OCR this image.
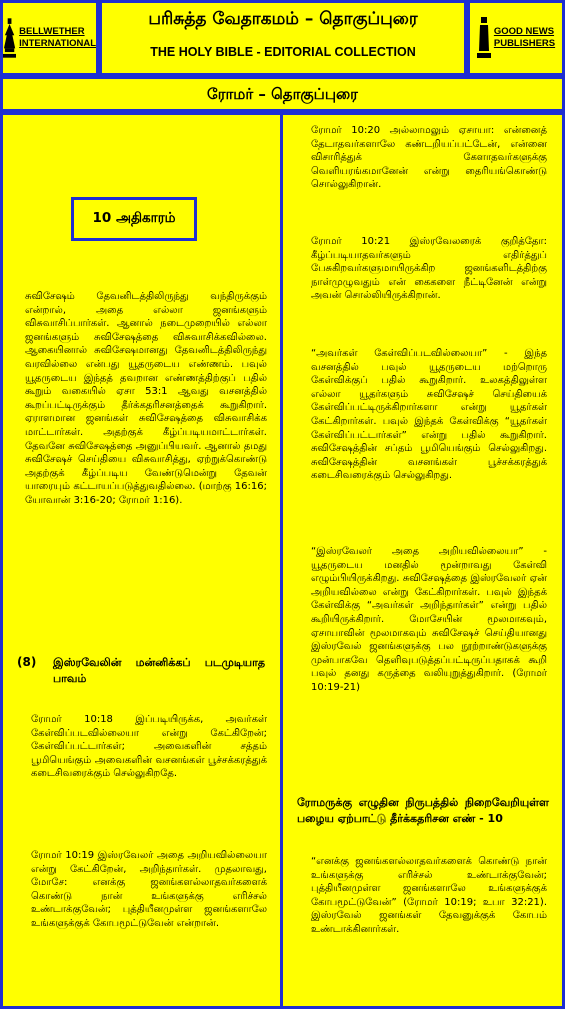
BELLWETHER
INTERNATIONAL
பரிசுத்த வேதாகமம் – தொகுப்புரை
THE HOLY BIBLE - EDITORIAL COLLECTION
GOOD NEWS
PUBLISHERS
ரோமர் – தொகுப்புரை
10 அதிகாரம்

சுவிசேஷம் தேவனிடத்திலிருந்து வந்திருக்கும் என்றால், அதை எல்லா ஜனங்களும் விசுவாசிப்பார்கள். ஆனால் நடைமுறையில் எல்லா ஜனங்களும் சுவிசேஷத்தை விசுவாசிக்கவில்லை. ஆகையினால் சுவிசேஷமானது தேவனிடத்திலிருந்து வரவில்லை என்பது யூதருடைய எண்ணம். பவுல் யூதருடைய இந்தத் தவறான எண்ணத்திற்குப் பதில் கூறும் வகையில் ஏசா 53:1 ஆவது வசனத்தில் கூறப்பட்டிருக்கும் தீர்க்கதரிசனத்தைக் கூறுகிறார். ஏராளமான ஜனங்கள் சுவிசேஷத்தை விசுவாசிக்க மாட்டார்கள். அதற்குக் கீழ்ப்படியமாட்டார்கள். தேவனே சுவிசேஷத்தை அனுப்பியவர். ஆனால் தமது சுவிசேஷச் செய்தியை விசுவாசித்து, ஏற்றுக்கொண்டு அதற்குக் கீழ்ப்படிய வேண்டுமென்று தேவன் யாரையும் கட்டாயப்படுத்துவதில்லை. (மாற்கு 16:16; யோவான் 3:16-20; ரோமர் 1:16).

(8) இஸ்ரவேலின் மன்னிக்கப் படமுடியாத பாவம்

ரோமர் 10:18 இப்படியிருக்க, அவர்கள் கேள்விப்படவில்லையா என்று கேட்கிறேன்; கேள்விப்பட்டார்கள்; அவைகளின் சத்தம் பூமியெங்கும் அவைகளின் வசனங்கள் பூச்சக்கரத்துக் கடைசிவரைக்கும் செல்லுகிறதே.

ரோமர் 10:19 இஸ்ரவேலர் அதை அறியவில்லையா என்று கேட்கிறேன், அறிந்தார்கள். முதலாவது, மோசே: எனக்கு ஜனங்களல்லாதவர்களைக் கொண்டு நான் உங்களுக்கு எரிச்சல் உண்டாக்குவேன்; புத்தியீனமுள்ள ஜனங்களாலே உங்களுக்குக் கோபமூட்டுவேன் என்றான்.

ரோமர் 10:20 அல்லாமலும் ஏசாயா: என்னைத் தேடாதவர்களாலே கண்டறியப்பட்டேன், என்னை விசாரித்துக் கேளாதவர்களுக்கு வெளியரங்கமானேன் என்று தைரியங்கொண்டு சொல்லுகிறான்.

ரோமர் 10:21 இஸ்ரவேலரைக் குறித்தோ: கீழ்ப்படியாதவர்களும் எதிர்த்துப் பேசுகிறவர்களுமாயிருக்கிற ஜனங்களிடத்திற்கு நாள்முழுவதும் என் கைகளை நீட்டினேன் என்று அவன் சொல்லியிருக்கிறான்.

“அவர்கள் கேள்விப்படவில்லையா” - இந்த வசனத்தில் பவுல் யூதருடைய மற்றொரு கேள்விக்குப் பதில் கூறுகிறார். உலகத்திலுள்ள எல்லா யூதர்களும் சுவிசேஷச் செய்தியைக் கேள்விப்பட்டிருக்கிறார்களா என்று யூதர்கள் கேட்கிறார்கள். பவுல் இந்தக் கேள்விக்கு “யூதர்கள் கேள்விப்பட்டார்கள்” என்று பதில் கூறுகிறார். சுவிசேஷத்தின் சப்தம் பூமியெங்கும் செல்லுகிறது. சுவிசேஷத்தின் வசனங்கள் பூச்சக்கரத்துக் கடைசிவரைக்கும் செல்லுகிறது.

“இஸ்ரவேலர் அதை அறியவில்லையா” - யூதருடைய மனதில் மூன்றாவது கேள்வி எழும்பியிருக்கிறது. சுவிசேஷத்தை இஸ்ரவேலர் ஏன் அறியவில்லை என்று கேட்கிறார்கள். பவுல் இந்தக் கேள்விக்கு “அவர்கள் அறிந்தார்கள்” என்று பதில் கூறியிருக்கிறார். மோசேயின் மூலமாகவும், ஏசாயாவின் மூலமாகவும் சுவிசேஷச் செய்தியானது இஸ்ரவேல் ஜனங்களுக்கு பல நூற்றாண்டுகளுக்கு முன்பாகவே தெளிவுபடுத்தப்பட்டிருப்பதாகக் கூறி பவுல் தனது கருத்தை வலியுறுத்துகிறார். (ரோமர் 10:19-21)

ரோமருக்கு எழுதின நிருபத்தில் நிறைவேறியுள்ள பழைய ஏற்பாட்டு தீர்க்கதரிசன எண் - 10

“எனக்கு ஜனங்களல்லாதவர்களைக் கொண்டு நான் உங்களுக்கு எரிச்சல் உண்டாக்குவேன்; புத்தியீனமுள்ள ஜனங்களாலே உங்களுக்குக் கோபமூட்டுவேன்” (ரோமர் 10:19; உபா 32:21). இஸ்ரவேல் ஜனங்கள் தேவனுக்குக் கோபம் உண்டாக்கினார்கள்.
